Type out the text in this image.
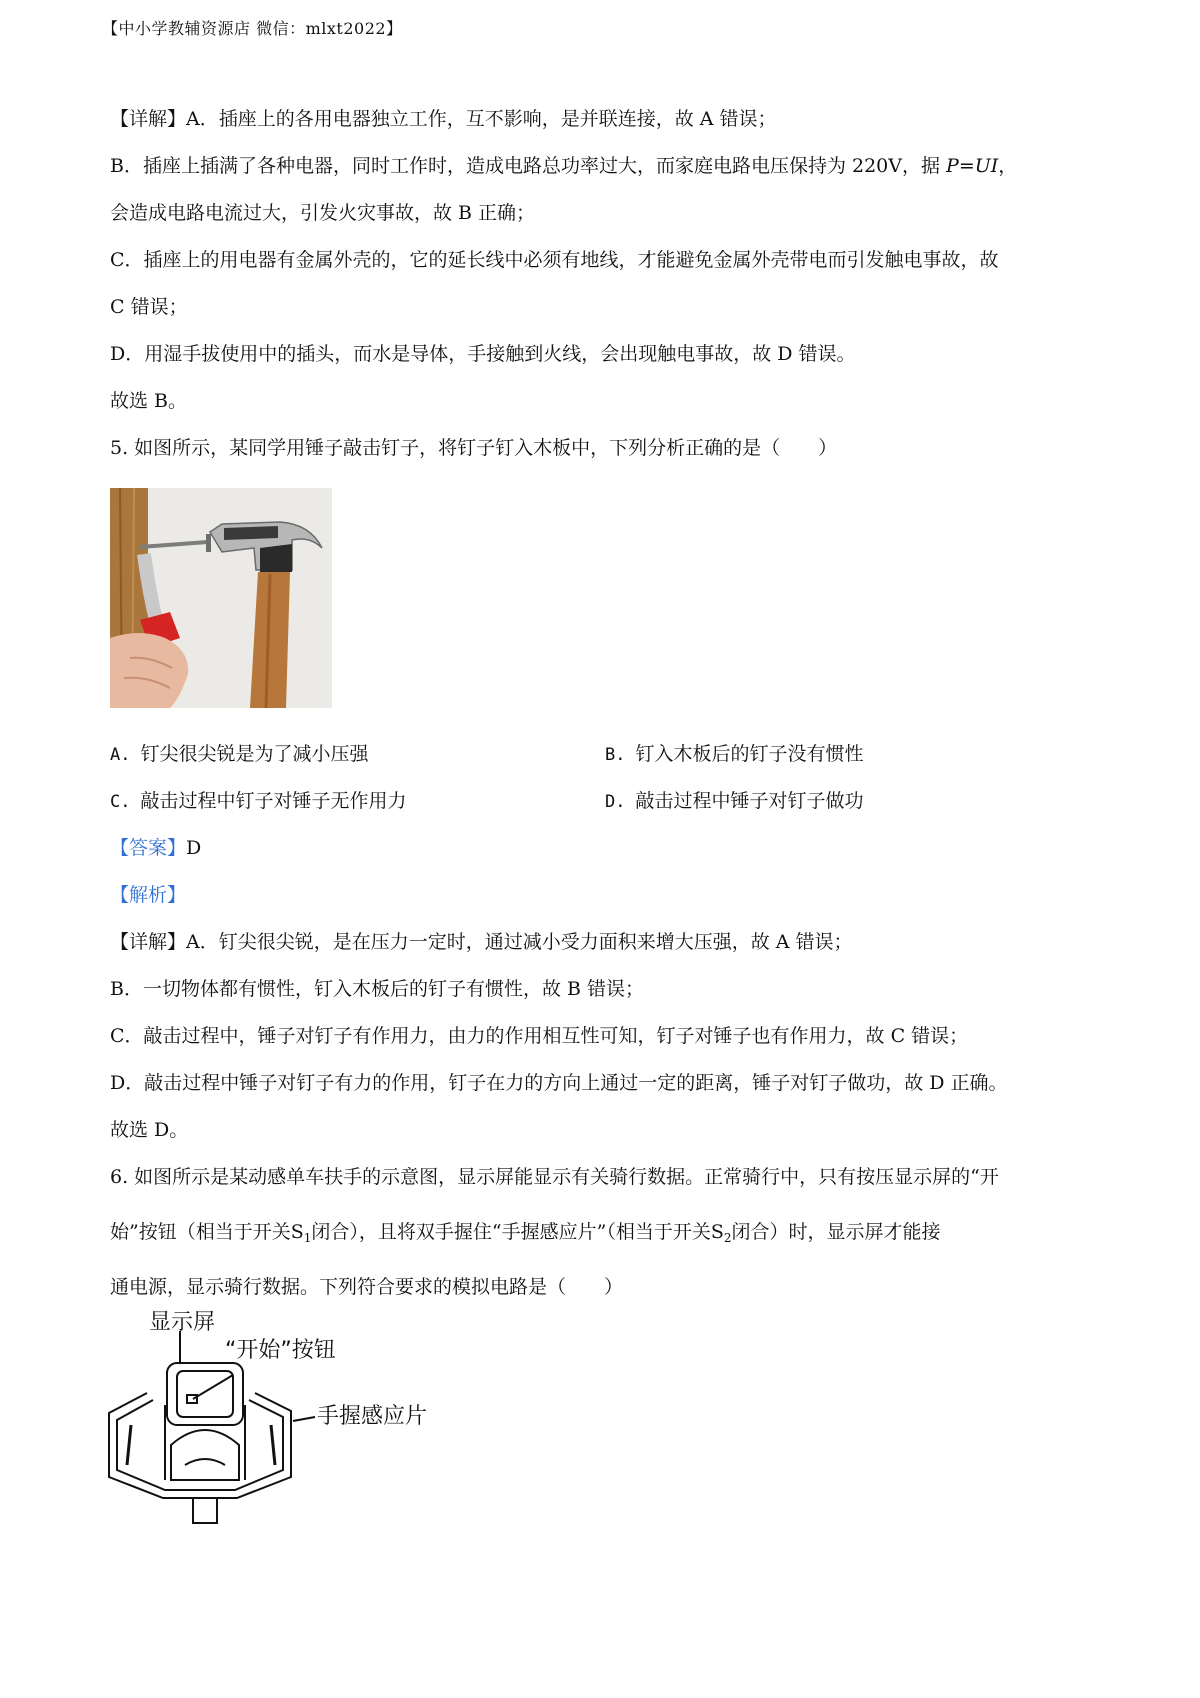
【中小学教辅资源店 微信：mlxt2022】
【详解】A．插座上的各用电器独立工作，互不影响，是并联连接，故 A 错误；
B．插座上插满了各种电器，同时工作时，造成电路总功率过大，而家庭电路电压保持为 220V，据 P=UI，
会造成电路电流过大，引发火灾事故，故 B 正确；
C．插座上的用电器有金属外壳的，它的延长线中必须有地线，才能避免金属外壳带电而引发触电事故，故
C 错误；
D．用湿手拔使用中的插头，而水是导体，手接触到火线，会出现触电事故，故 D 错误。
故选 B。
5. 如图所示，某同学用锤子敲击钉子，将钉子钉入木板中，下列分析正确的是（　　）
A. 钉尖很尖锐是为了减小压强	B. 钉入木板后的钉子没有惯性
C. 敲击过程中钉子对锤子无作用力	D. 敲击过程中锤子对钉子做功
【答案】D
【解析】
【详解】A．钉尖很尖锐，是在压力一定时，通过减小受力面积来增大压强，故 A 错误；
B．一切物体都有惯性，钉入木板后的钉子有惯性，故 B 错误；
C．敲击过程中，锤子对钉子有作用力，由力的作用相互性可知，钉子对锤子也有作用力，故 C 错误；
D．敲击过程中锤子对钉子有力的作用，钉子在力的方向上通过一定的距离，锤子对钉子做功，故 D 正确。
故选 D。
6. 如图所示是某动感单车扶手的示意图，显示屏能显示有关骑行数据。正常骑行中，只有按压显示屏的“开
始”按钮（相当于开关$S_1$闭合），且将双手握住“手握感应片”（相当于开关$S_2$闭合）时，显示屏才能接
通电源，显示骑行数据。下列符合要求的模拟电路是（　　）
显示屏
“开始”按钮
手握感应片
